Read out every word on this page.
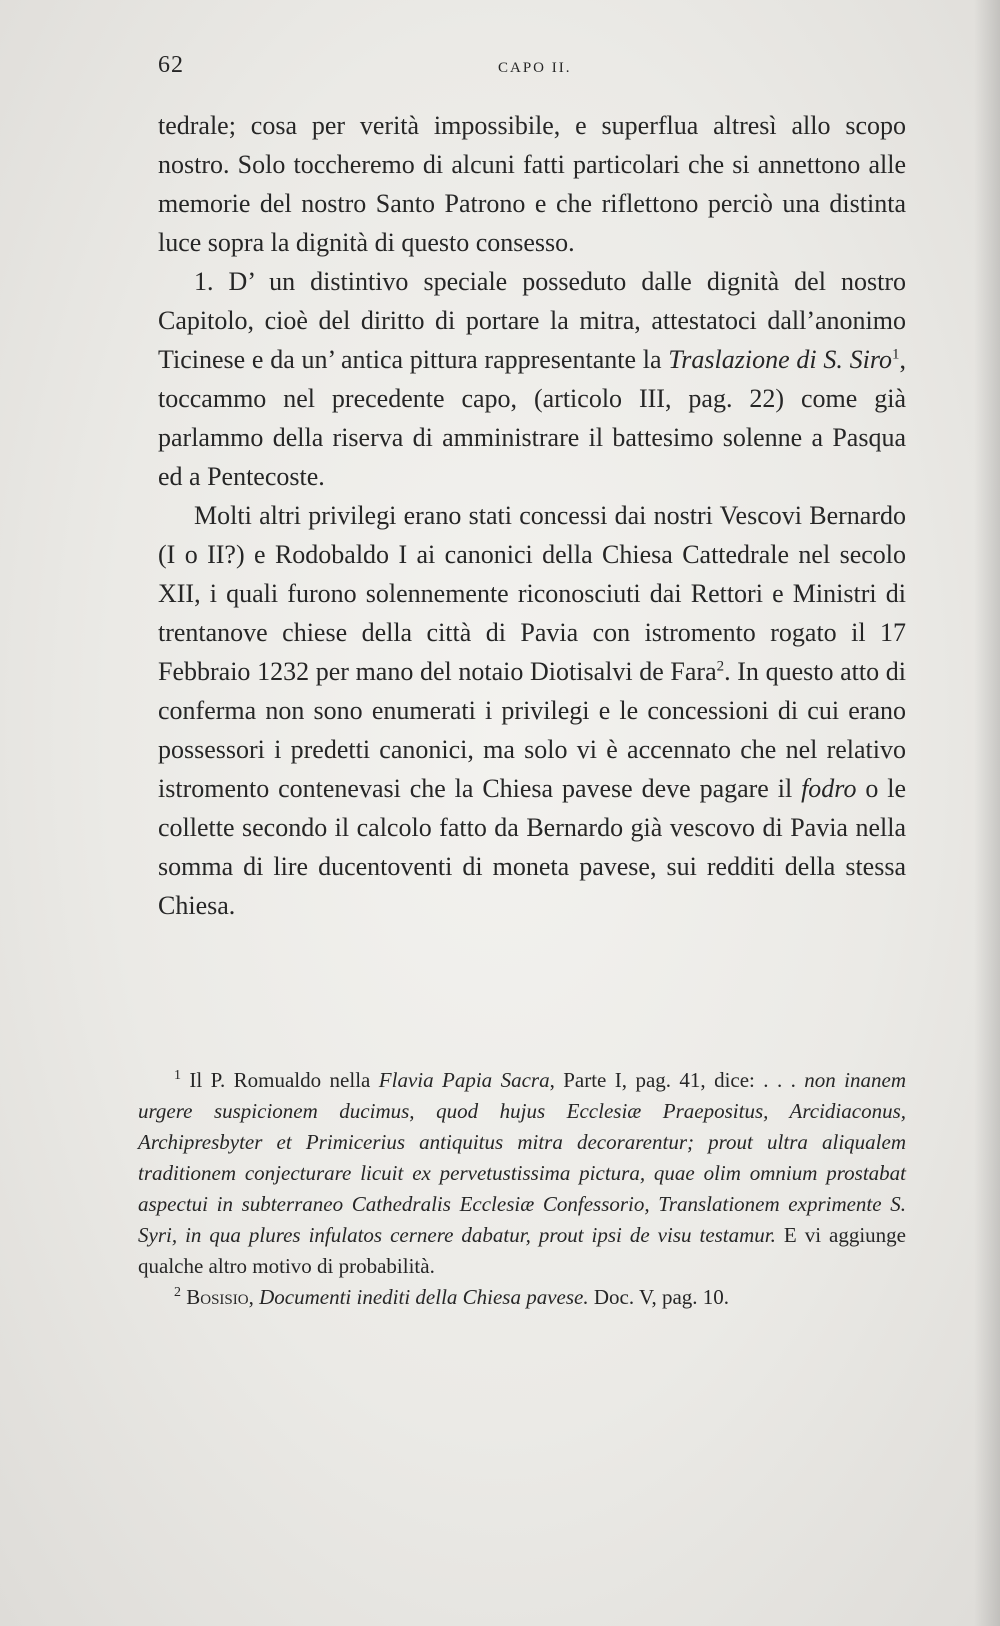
62	CAPO II.

tedrale; cosa per verità impossibile, e superflua altresì allo scopo nostro. Solo toccheremo di alcuni fatti particolari che si annettono alle memorie del nostro Santo Patrono e che riflettono perciò una distinta luce sopra la dignità di questo consesso.

1. D’ un distintivo speciale posseduto dalle dignità del nostro Capitolo, cioè del diritto di portare la mitra, attestatoci dall’anonimo Ticinese e da un’ antica pittura rappresentante la Traslazione di S. Siro$^1$, toccammo nel precedente capo, (articolo III, pag. 22) come già parlammo della riserva di amministrare il battesimo solenne a Pasqua ed a Pentecoste.

Molti altri privilegi erano stati concessi dai nostri Vescovi Bernardo (I o II?) e Rodobaldo I ai canonici della Chiesa Cattedrale nel secolo XII, i quali furono solennemente riconosciuti dai Rettori e Ministri di trentanove chiese della città di Pavia con istromento rogato il 17 Febbraio 1232 per mano del notaio Diotisalvi de Fara$^2$. In questo atto di conferma non sono enumerati i privilegi e le concessioni di cui erano possessori i predetti canonici, ma solo vi è accennato che nel relativo istromento contenevasi che la Chiesa pavese deve pagare il fodro o le collette secondo il calcolo fatto da Bernardo già vescovo di Pavia nella somma di lire ducentoventi di moneta pavese, sui redditi della stessa Chiesa.

$^1$ Il P. Romualdo nella Flavia Papia Sacra, Parte I, pag. 41, dice: . . . non inanem urgere suspicionem ducimus, quod hujus Ecclesiæ Praepositus, Arcidiaconus, Archipresbyter et Primicerius antiquitus mitra decorarentur; prout ultra aliqualem traditionem conjecturare licuit ex pervetustissima pictura, quae olim omnium prostabat aspectui in subterraneo Cathedralis Ecclesiæ Confessorio, Translationem exprimente S. Syri, in qua plures infulatos cernere dabatur, prout ipsi de visu testamur. E vi aggiunge qualche altro motivo di probabilità.

$^2$ Bosisio, Documenti inediti della Chiesa pavese. Doc. V, pag. 10.
